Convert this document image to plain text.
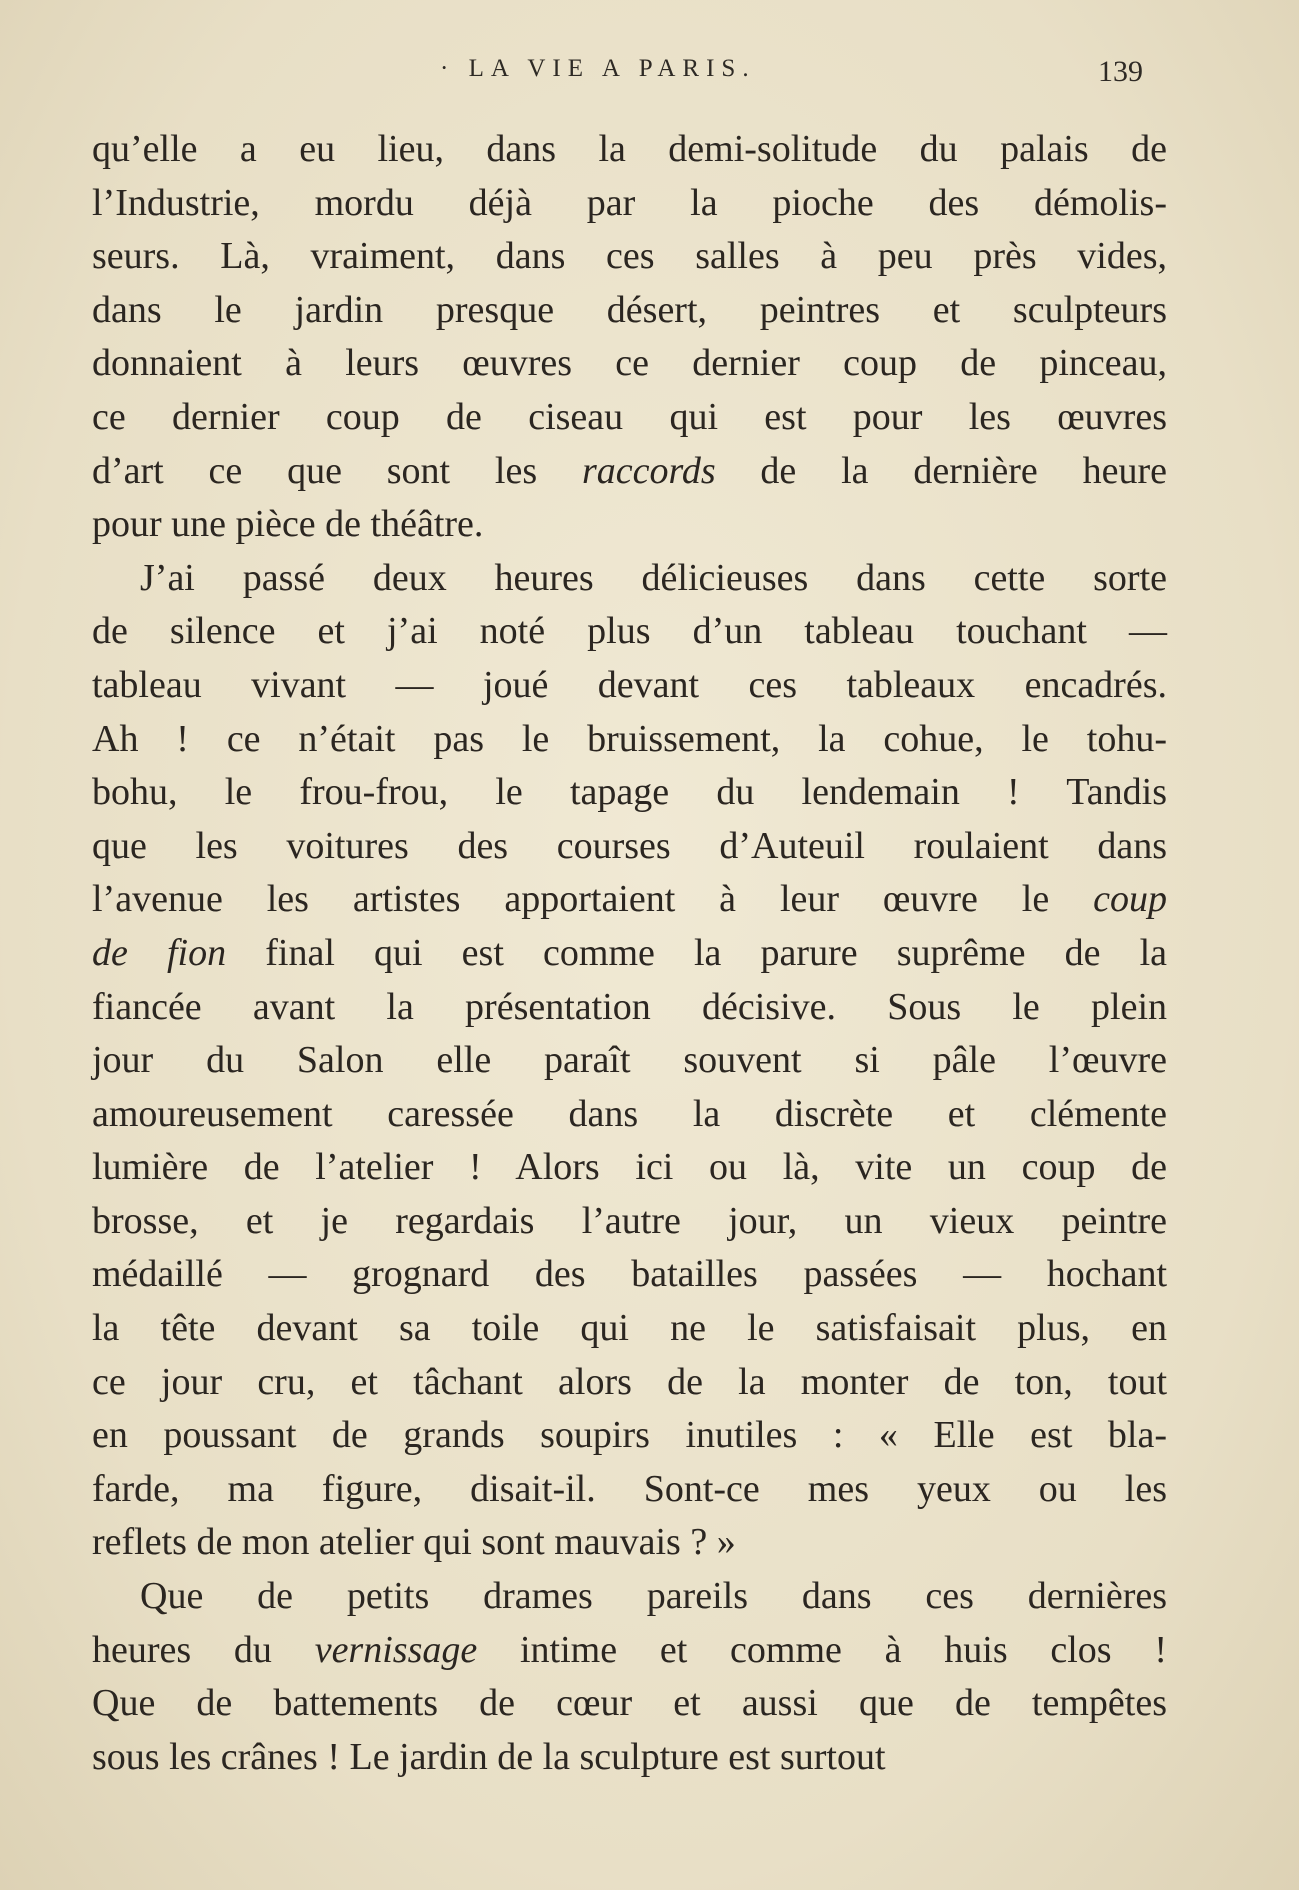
· LA VIE A PARIS.	139
qu’elle a eu lieu, dans la demi-solitude du palais de
l’Industrie, mordu déjà par la pioche des démolis-
seurs. Là, vraiment, dans ces salles à peu près vides,
dans le jardin presque désert, peintres et sculpteurs
donnaient à leurs œuvres ce dernier coup de pinceau,
ce dernier coup de ciseau qui est pour les œuvres
d’art ce que sont les raccords de la dernière heure
pour une pièce de théâtre.
J’ai passé deux heures délicieuses dans cette sorte
de silence et j’ai noté plus d’un tableau touchant —
tableau vivant — joué devant ces tableaux encadrés.
Ah ! ce n’était pas le bruissement, la cohue, le tohu-
bohu, le frou-frou, le tapage du lendemain ! Tandis
que les voitures des courses d’Auteuil roulaient dans
l’avenue les artistes apportaient à leur œuvre le coup
de fion final qui est comme la parure suprême de la
fiancée avant la présentation décisive. Sous le plein
jour du Salon elle paraît souvent si pâle l’œuvre
amoureusement caressée dans la discrète et clémente
lumière de l’atelier ! Alors ici ou là, vite un coup de
brosse, et je regardais l’autre jour, un vieux peintre
médaillé — grognard des batailles passées — hochant
la tête devant sa toile qui ne le satisfaisait plus, en
ce jour cru, et tâchant alors de la monter de ton, tout
en poussant de grands soupirs inutiles : « Elle est bla-
farde, ma figure, disait-il. Sont-ce mes yeux ou les
reflets de mon atelier qui sont mauvais ? »
Que de petits drames pareils dans ces dernières
heures du vernissage intime et comme à huis clos !
Que de battements de cœur et aussi que de tempêtes
sous les crânes ! Le jardin de la sculpture est surtout
